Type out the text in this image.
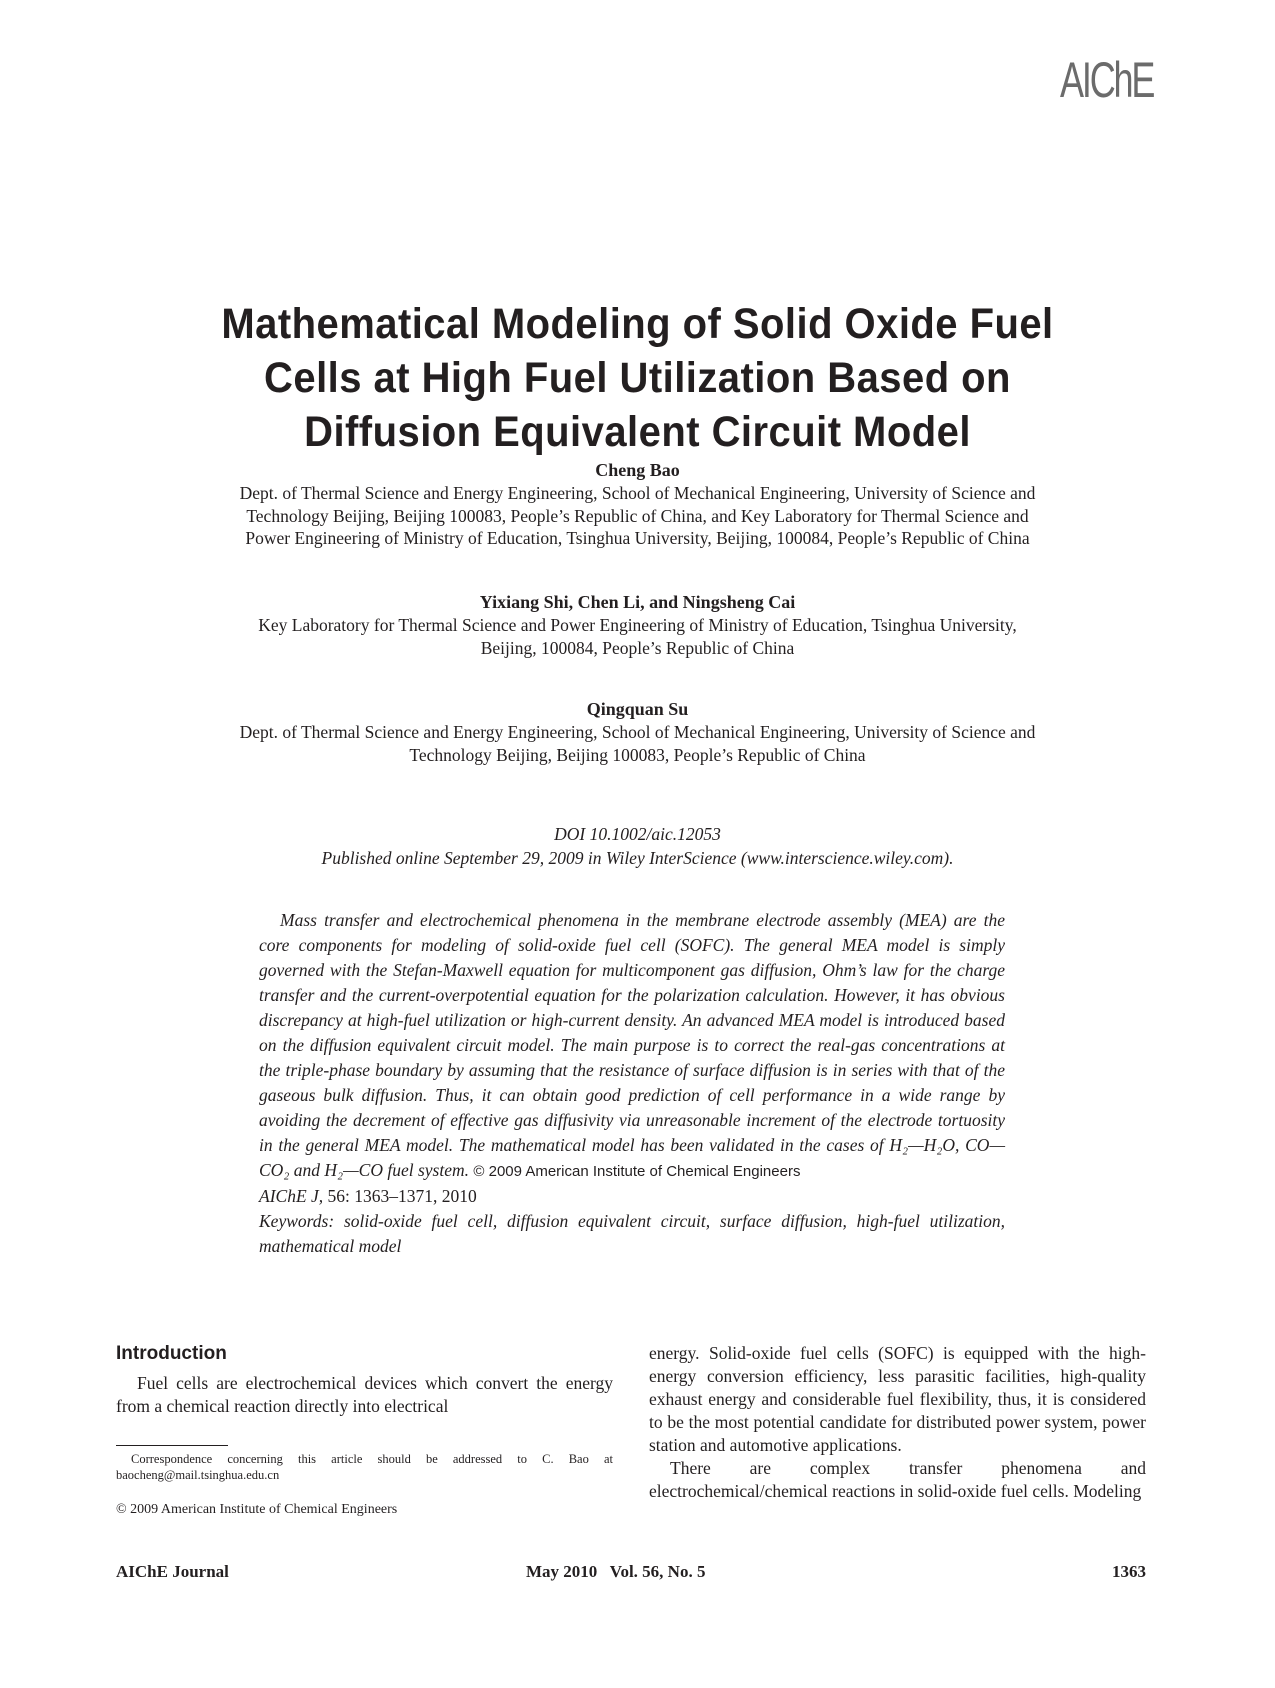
AIChE
Mathematical Modeling of Solid Oxide Fuel
Cells at High Fuel Utilization Based on
Diffusion Equivalent Circuit Model
Cheng Bao
Dept. of Thermal Science and Energy Engineering, School of Mechanical Engineering, University of Science and
Technology Beijing, Beijing 100083, People’s Republic of China, and Key Laboratory for Thermal Science and
Power Engineering of Ministry of Education, Tsinghua University, Beijing, 100084, People’s Republic of China
Yixiang Shi, Chen Li, and Ningsheng Cai
Key Laboratory for Thermal Science and Power Engineering of Ministry of Education, Tsinghua University,
Beijing, 100084, People’s Republic of China
Qingquan Su
Dept. of Thermal Science and Energy Engineering, School of Mechanical Engineering, University of Science and
Technology Beijing, Beijing 100083, People’s Republic of China
DOI 10.1002/aic.12053
Published online September 29, 2009 in Wiley InterScience (www.interscience.wiley.com).
Mass transfer and electrochemical phenomena in the membrane electrode assembly (MEA) are the core components for modeling of solid-oxide fuel cell (SOFC). The general MEA model is simply governed with the Stefan-Maxwell equation for multicomponent gas diffusion, Ohm’s law for the charge transfer and the current-overpotential equation for the polarization calculation. However, it has obvious discrepancy at high-fuel utilization or high-current density. An advanced MEA model is introduced based on the diffusion equivalent circuit model. The main purpose is to correct the real-gas concentrations at the triple-phase boundary by assuming that the resistance of surface diffusion is in series with that of the gaseous bulk diffusion. Thus, it can obtain good prediction of cell performance in a wide range by avoiding the decrement of effective gas diffusivity via unreasonable increment of the electrode tortuosity in the general MEA model. The mathematical model has been validated in the cases of H₂—H₂O, CO—CO₂ and H₂—CO fuel system. © 2009 American Institute of Chemical Engineers
AIChE J, 56: 1363–1371, 2010
Keywords: solid-oxide fuel cell, diffusion equivalent circuit, surface diffusion, high-fuel utilization, mathematical model
Introduction

Fuel cells are electrochemical devices which convert the energy from a chemical reaction directly into electrical

Correspondence concerning this article should be addressed to C. Bao at baocheng@mail.tsinghua.edu.cn
© 2009 American Institute of Chemical Engineers

energy. Solid-oxide fuel cells (SOFC) is equipped with the high-energy conversion efficiency, less parasitic facilities, high-quality exhaust energy and considerable fuel flexibility, thus, it is considered to be the most potential candidate for distributed power system, power station and automotive applications.

There are complex transfer phenomena and electrochemical/chemical reactions in solid-oxide fuel cells. Modeling

AIChE Journal	May 2010   Vol. 56, No. 5	1363
